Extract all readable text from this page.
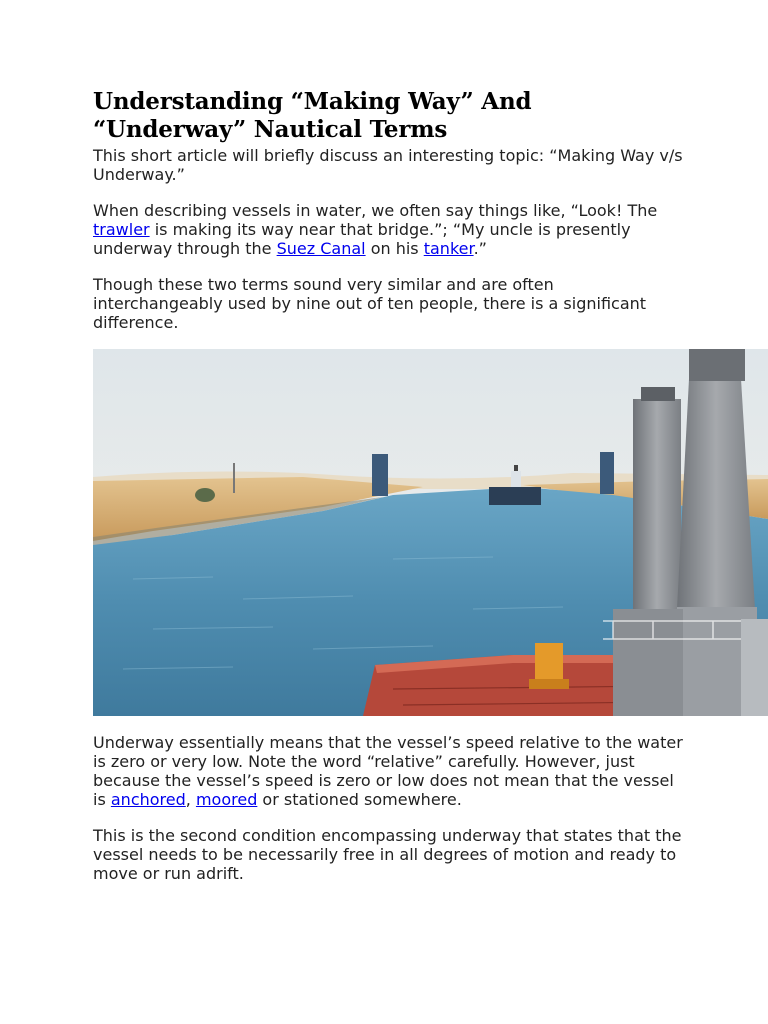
Understanding “Making Way” And “Underway” Nautical Terms

This short article will briefly discuss an interesting topic: “Making Way v/s Underway.”

When describing vessels in water, we often say things like, “Look! The trawler is making its way near that bridge.”; “My uncle is presently underway through the Suez Canal on his tanker.”

Though these two terms sound very similar and are often interchangeably used by nine out of ten people, there is a significant difference.

Underway essentially means that the vessel’s speed relative to the water is zero or very low. Note the word “relative” carefully. However, just because the vessel’s speed is zero or low does not mean that the vessel is anchored, moored or stationed somewhere.

This is the second condition encompassing underway that states that the vessel needs to be necessarily free in all degrees of motion and ready to move or run adrift.
